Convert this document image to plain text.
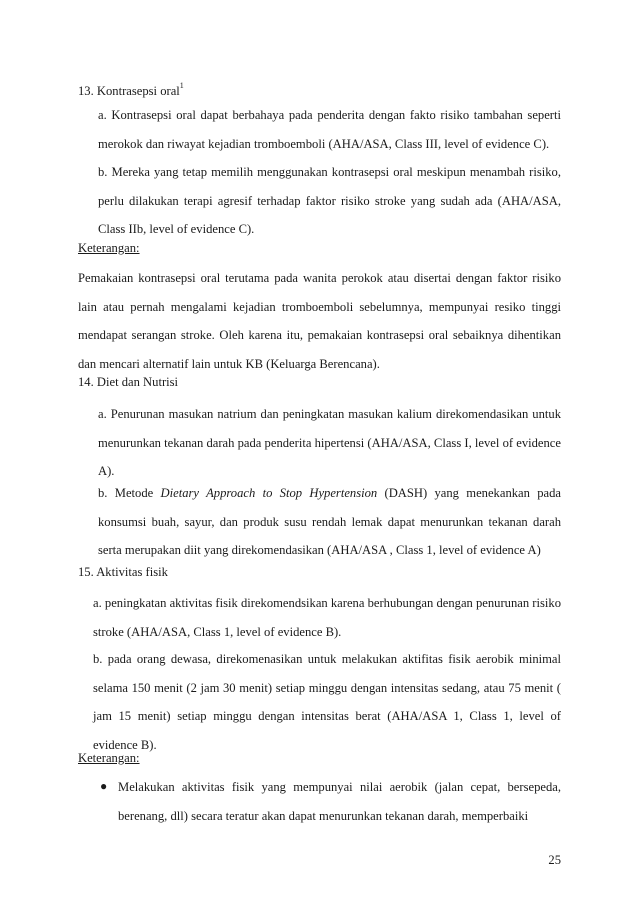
13. Kontrasepsi oral$^1$

a. Kontrasepsi oral dapat berbahaya pada penderita dengan fakto risiko tambahan seperti merokok dan riwayat kejadian tromboemboli (AHA/ASA, Class III, level of evidence C).

b. Mereka yang tetap memilih menggunakan kontrasepsi oral meskipun menambah risiko, perlu dilakukan terapi agresif terhadap faktor risiko stroke yang sudah ada (AHA/ASA, Class IIb, level of evidence C).

Keterangan:

Pemakaian kontrasepsi oral terutama pada wanita perokok atau disertai dengan faktor risiko lain atau pernah mengalami kejadian tromboemboli sebelumnya, mempunyai resiko tinggi mendapat serangan stroke. Oleh karena itu, pemakaian kontrasepsi oral sebaiknya dihentikan dan mencari alternatif lain untuk KB (Keluarga Berencana).

14. Diet dan Nutrisi

a. Penurunan masukan natrium dan peningkatan masukan kalium direkomendasikan untuk menurunkan tekanan darah pada penderita hipertensi (AHA/ASA, Class I, level of evidence A).

b. Metode Dietary Approach to Stop Hypertension (DASH) yang menekankan pada konsumsi buah, sayur, dan produk susu rendah lemak dapat menurunkan tekanan darah serta merupakan diit yang direkomendasikan (AHA/ASA , Class 1, level of evidence A)

15. Aktivitas fisik

a. peningkatan aktivitas fisik direkomendsikan karena berhubungan dengan penurunan risiko stroke (AHA/ASA, Class 1, level of evidence B).

b. pada orang dewasa, direkomenasikan untuk melakukan aktifitas fisik aerobik minimal selama 150 menit (2 jam 30 menit) setiap minggu dengan intensitas sedang, atau 75 menit ( jam 15 menit) setiap minggu dengan intensitas berat (AHA/ASA 1, Class 1, level of evidence B).

Keterangan:
● Melakukan aktivitas fisik yang mempunyai nilai aerobik (jalan cepat, bersepeda, berenang, dll) secara teratur akan dapat menurunkan tekanan darah, memperbaiki

25
